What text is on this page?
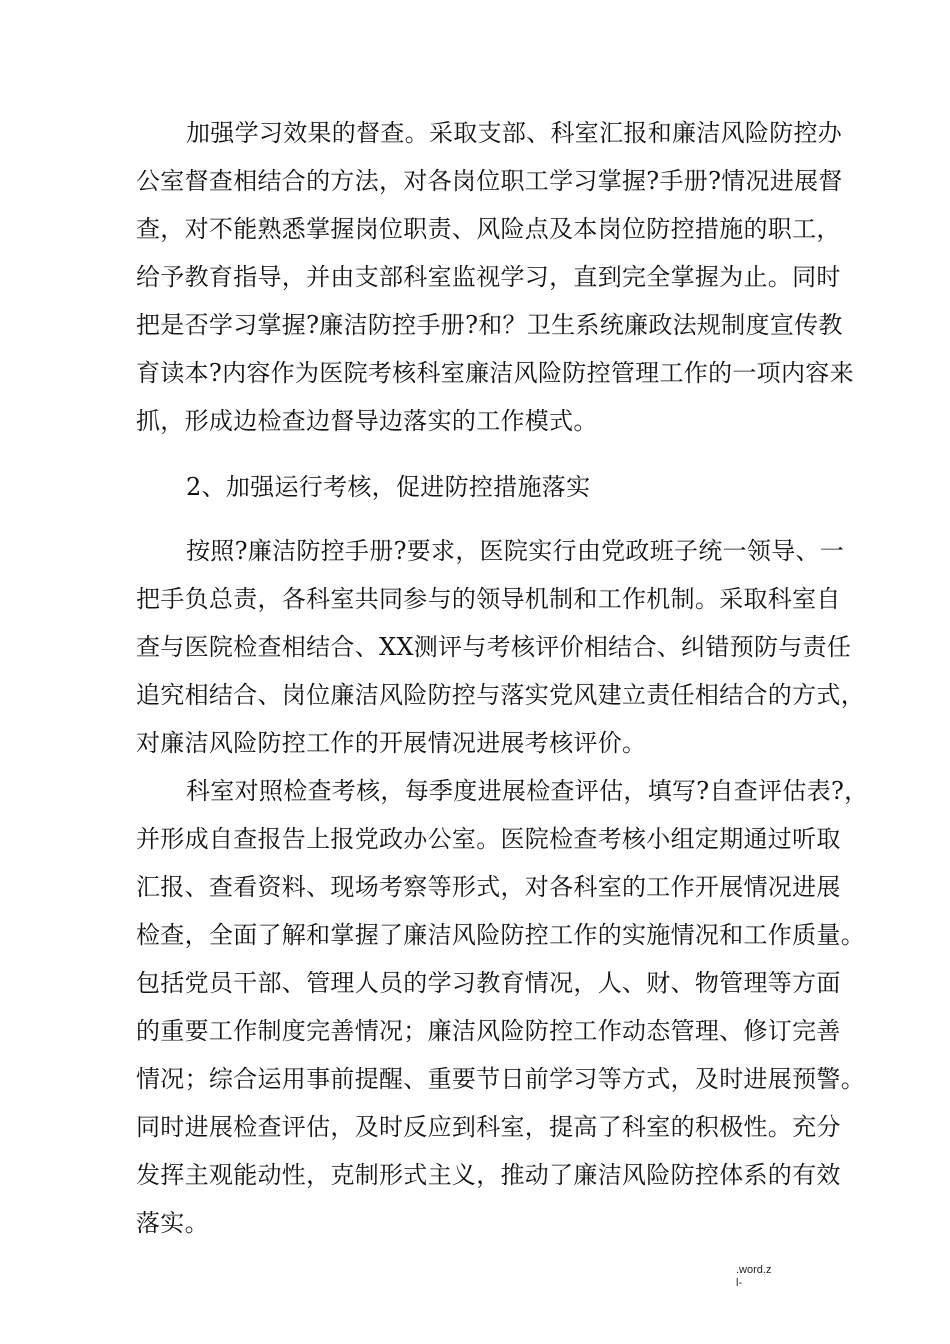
加强学习效果的督查。采取支部、科室汇报和廉洁风险防控办
公室督查相结合的方法，对各岗位职工学习掌握?手册?情况进展督
查，对不能熟悉掌握岗位职责、风险点及本岗位防控措施的职工，
给予教育指导，并由支部科室监视学习，直到完全掌握为止。同时
把是否学习掌握?廉洁防控手册?和？卫生系统廉政法规制度宣传教
育读本?内容作为医院考核科室廉洁风险防控管理工作的一项内容来
抓，形成边检查边督导边落实的工作模式。
2、加强运行考核，促进防控措施落实
按照?廉洁防控手册?要求，医院实行由党政班子统一领导、一
把手负总责，各科室共同参与的领导机制和工作机制。采取科室自
查与医院检查相结合、XX测评与考核评价相结合、纠错预防与责任
追究相结合、岗位廉洁风险防控与落实党风建立责任相结合的方式，
对廉洁风险防控工作的开展情况进展考核评价。
科室对照检查考核，每季度进展检查评估，填写?自查评估表?，
并形成自查报告上报党政办公室。医院检查考核小组定期通过听取
汇报、查看资料、现场考察等形式，对各科室的工作开展情况进展
检查，全面了解和掌握了廉洁风险防控工作的实施情况和工作质量。
包括党员干部、管理人员的学习教育情况，人、财、物管理等方面
的重要工作制度完善情况；廉洁风险防控工作动态管理、修订完善
情况；综合运用事前提醒、重要节日前学习等方式，及时进展预警。
同时进展检查评估，及时反应到科室，提高了科室的积极性。充分
发挥主观能动性，克制形式主义，推动了廉洁风险防控体系的有效
落实。
.word.z
l-
